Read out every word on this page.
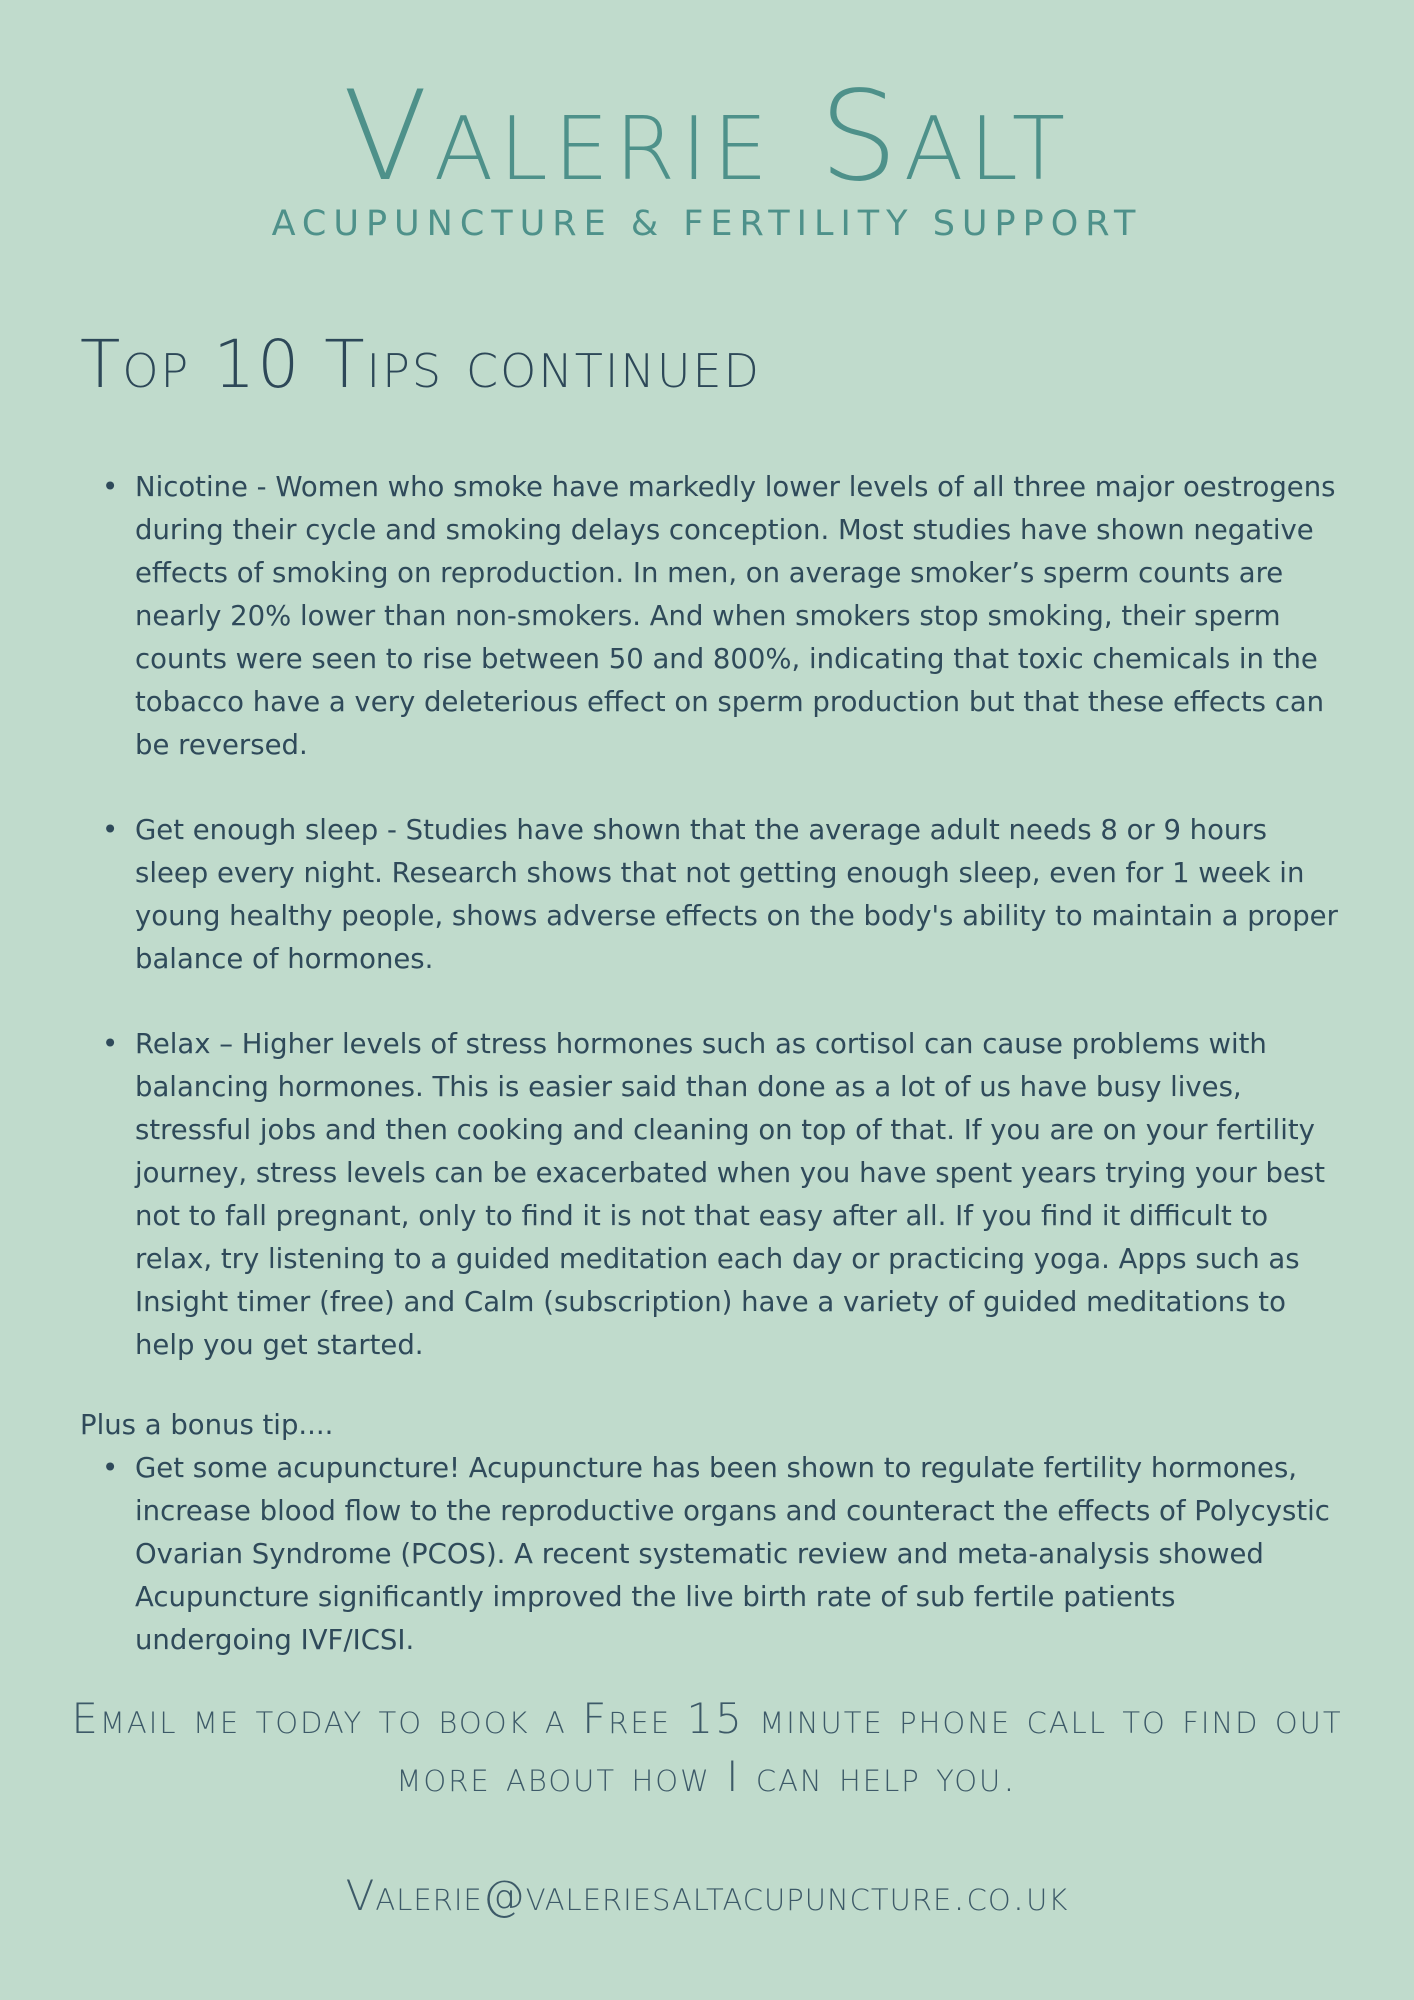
Valerie Salt
ACUPUNCTURE & FERTILITY SUPPORT
Top 10 Tips continued
• Nicotine - Women who smoke have markedly lower levels of all three major oestrogens during their cycle and smoking delays conception. Most studies have shown negative effects of smoking on reproduction. In men, on average smoker’s sperm counts are nearly 20% lower than non-smokers. And when smokers stop smoking, their sperm counts were seen to rise between 50 and 800%, indicating that toxic chemicals in the tobacco have a very deleterious effect on sperm production but that these effects can be reversed.
• Get enough sleep - Studies have shown that the average adult needs 8 or 9 hours sleep every night. Research shows that not getting enough sleep, even for 1 week in young healthy people, shows adverse effects on the body's ability to maintain a proper balance of hormones.
• Relax – Higher levels of stress hormones such as cortisol can cause problems with balancing hormones. This is easier said than done as a lot of us have busy lives, stressful jobs and then cooking and cleaning on top of that. If you are on your fertility journey, stress levels can be exacerbated when you have spent years trying your best not to fall pregnant, only to find it is not that easy after all. If you find it difficult to relax, try listening to a guided meditation each day or practicing yoga. Apps such as Insight timer (free) and Calm (subscription) have a variety of guided meditations to help you get started.

Plus a bonus tip....

• Get some acupuncture! Acupuncture has been shown to regulate fertility hormones, increase blood flow to the reproductive organs and counteract the effects of Polycystic Ovarian Syndrome (PCOS). A recent systematic review and meta-analysis showed Acupuncture significantly improved the live birth rate of sub fertile patients undergoing IVF/ICSI.

Email me today to book a Free 15 minute phone call to find out more about how I can help you.

Valerie@valeriesaltacupuncture.co.uk
